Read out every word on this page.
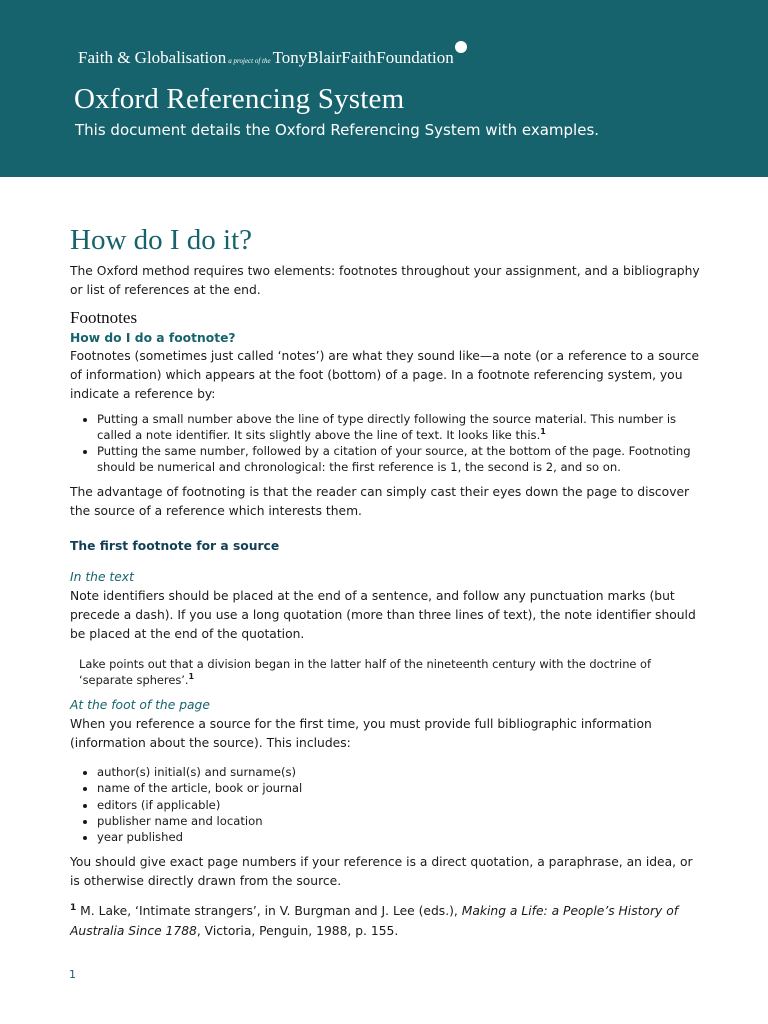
Faith & Globalisation a project of the TonyBlairFaithFoundation
Oxford Referencing System
This document details the Oxford Referencing System with examples.
How do I do it?

The Oxford method requires two elements: footnotes throughout your assignment, and a bibliography or list of references at the end.

Footnotes
How do I do a footnote?

Footnotes (sometimes just called ‘notes’) are what they sound like—a note (or a reference to a source of information) which appears at the foot (bottom) of a page. In a footnote referencing system, you indicate a reference by:

• Putting a small number above the line of type directly following the source material. This number is called a note identifier. It sits slightly above the line of text. It looks like this.$^1$
• Putting the same number, followed by a citation of your source, at the bottom of the page. Footnoting should be numerical and chronological: the first reference is 1, the second is 2, and so on.

The advantage of footnoting is that the reader can simply cast their eyes down the page to discover the source of a reference which interests them.

The first footnote for a source
In the text

Note identifiers should be placed at the end of a sentence, and follow any punctuation marks (but precede a dash). If you use a long quotation (more than three lines of text), the note identifier should be placed at the end of the quotation.

Lake points out that a division began in the latter half of the nineteenth century with the doctrine of ‘separate spheres’.$^1$
At the foot of the page

When you reference a source for the first time, you must provide full bibliographic information (information about the source). This includes:

• author(s) initial(s) and surname(s)
• name of the article, book or journal
• editors (if applicable)
• publisher name and location
• year published

You should give exact page numbers if your reference is a direct quotation, a paraphrase, an idea, or is otherwise directly drawn from the source.

$^1$ M. Lake, ‘Intimate strangers’, in V. Burgman and J. Lee (eds.), Making a Life: a People’s History of Australia Since 1788, Victoria, Penguin, 1988, p. 155.
1
